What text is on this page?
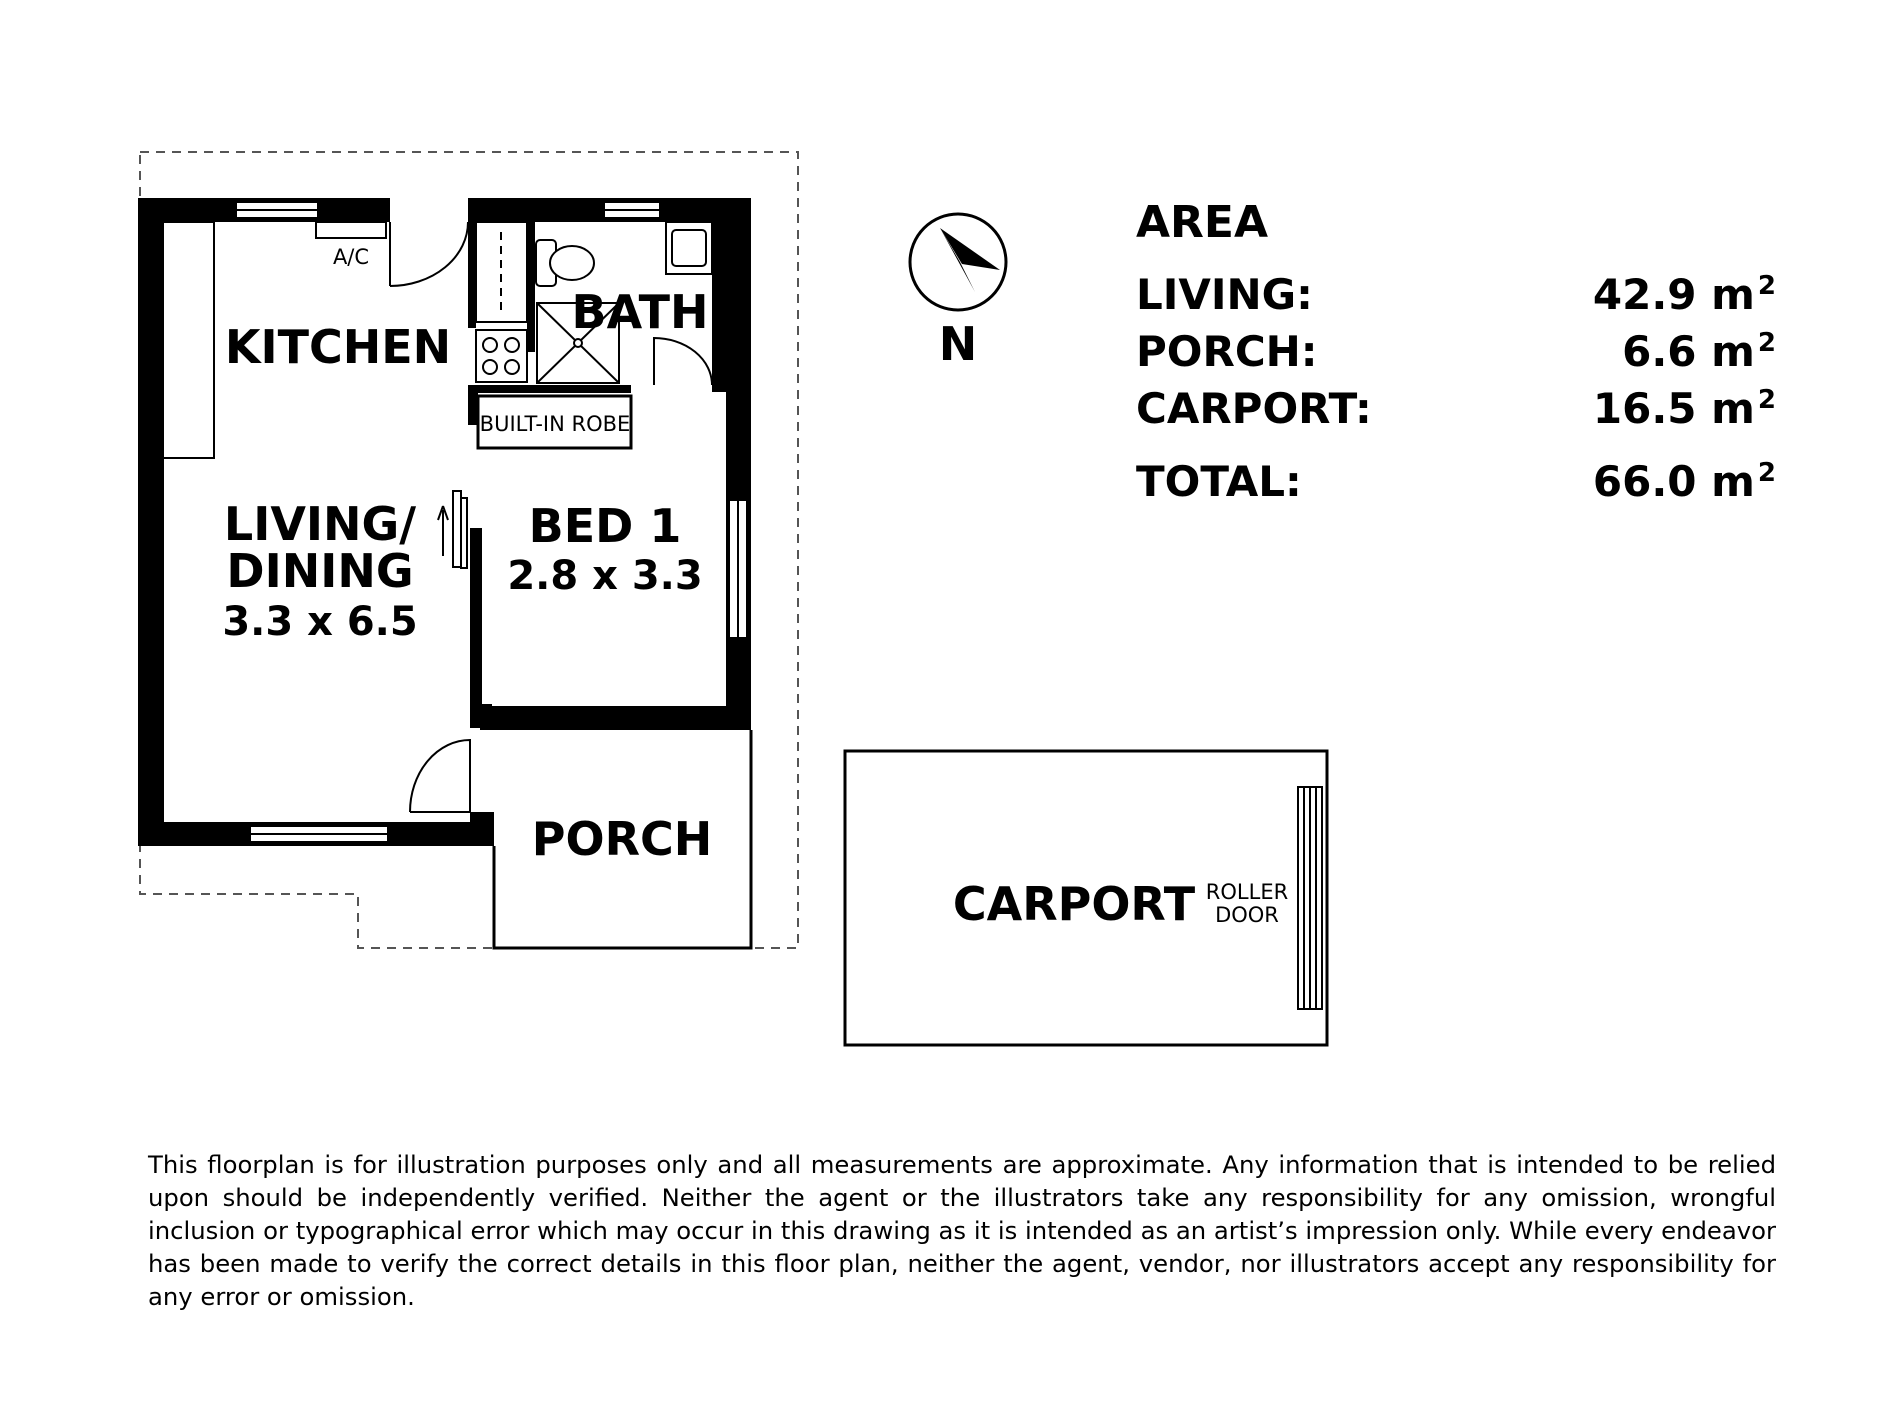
KITCHEN
BATH
A/C
BUILT-IN ROBE
LIVING/
DINING
3.3 x 6.5
BED 1
2.8 x 3.3
PORCH
CARPORT ROLLER
DOOR
N
AREA
LIVING:	42.9 m $^2$
PORCH:	6.6 m $^2$
CARPORT:	16.5 m $^2$
TOTAL:	66.0 m $^2$

This floorplan is for illustration purposes only and all measurements are approximate. Any information that is intended to be relied upon should be independently verified. Neither the agent or the illustrators take any responsibility for any omission, wrongful inclusion or typographical error which may occur in this drawing as it is intended as an artist’s impression only. While every endeavor has been made to verify the correct details in this floor plan, neither the agent, vendor, nor illustrators accept any responsibility for any error or omission.
